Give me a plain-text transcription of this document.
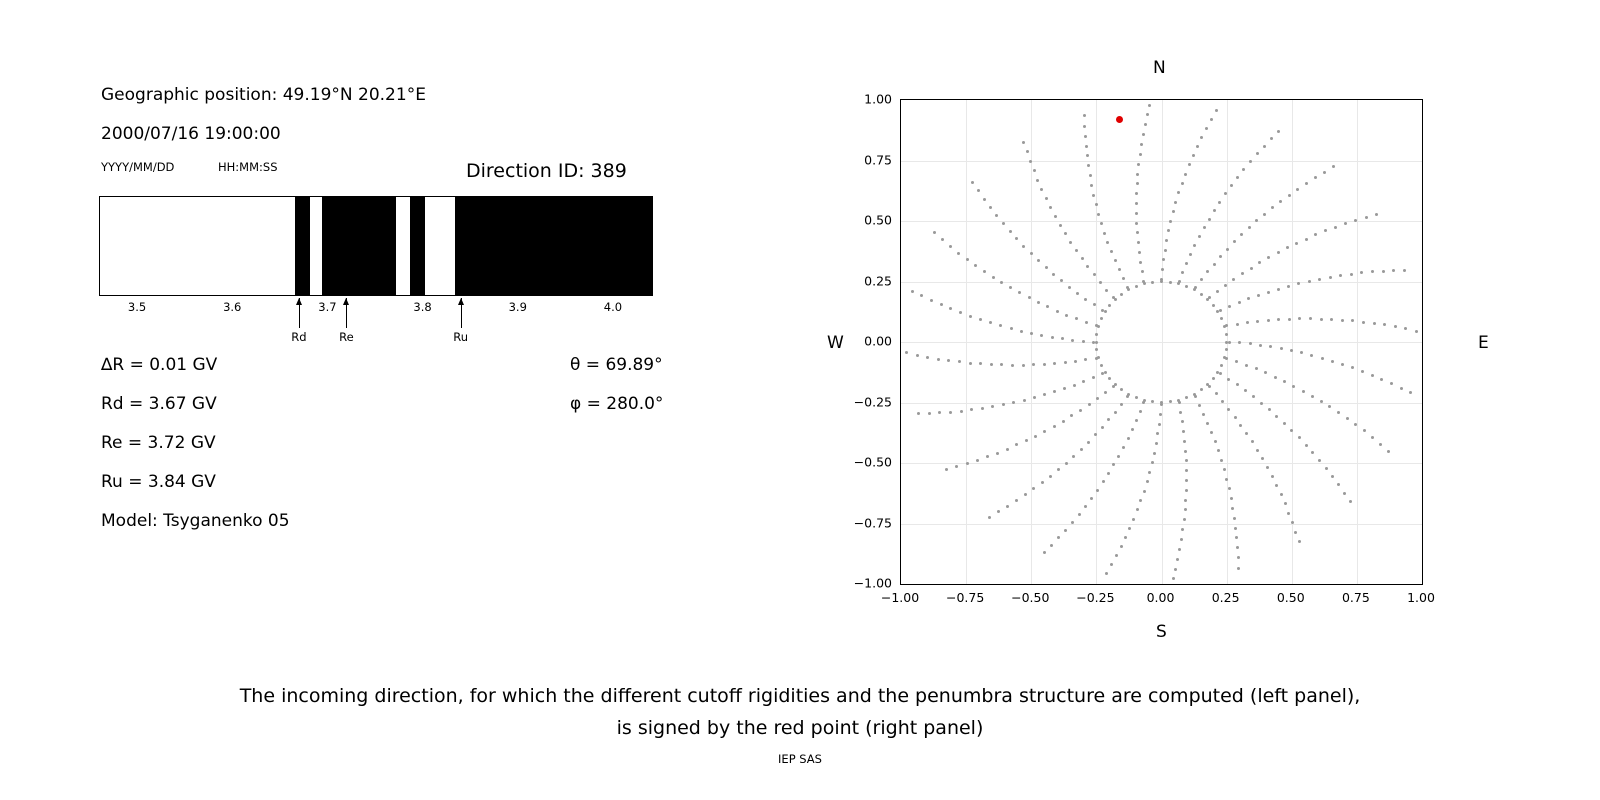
Geographic position: 49.19°N 20.21°E
2000/07/16 19:00:00
YYYY/MM/DD	HH:MM:SS	Direction ID: 389
3.5	3.6	3.7	3.8	3.9	4.0
Rd	Re	Ru
∆R = 0.01 GV
Rd = 3.67 GV
Re = 3.72 GV
Ru = 3.84 GV
Model: Tsyganenko 05
θ = 69.89°
φ = 280.0°
−1.00 −0.75 −0.50 −0.25	0.00	0.25	0.50	0.75	1.00
−1.00
−0.75
−0.50
−0.25
0.00
0.25
0.50
0.75
1.00
N
S
W	E
The incoming direction, for which the different cutoff rigidities and the penumbra structure are computed (left panel),
is signed by the red point (right panel)
IEP SAS
